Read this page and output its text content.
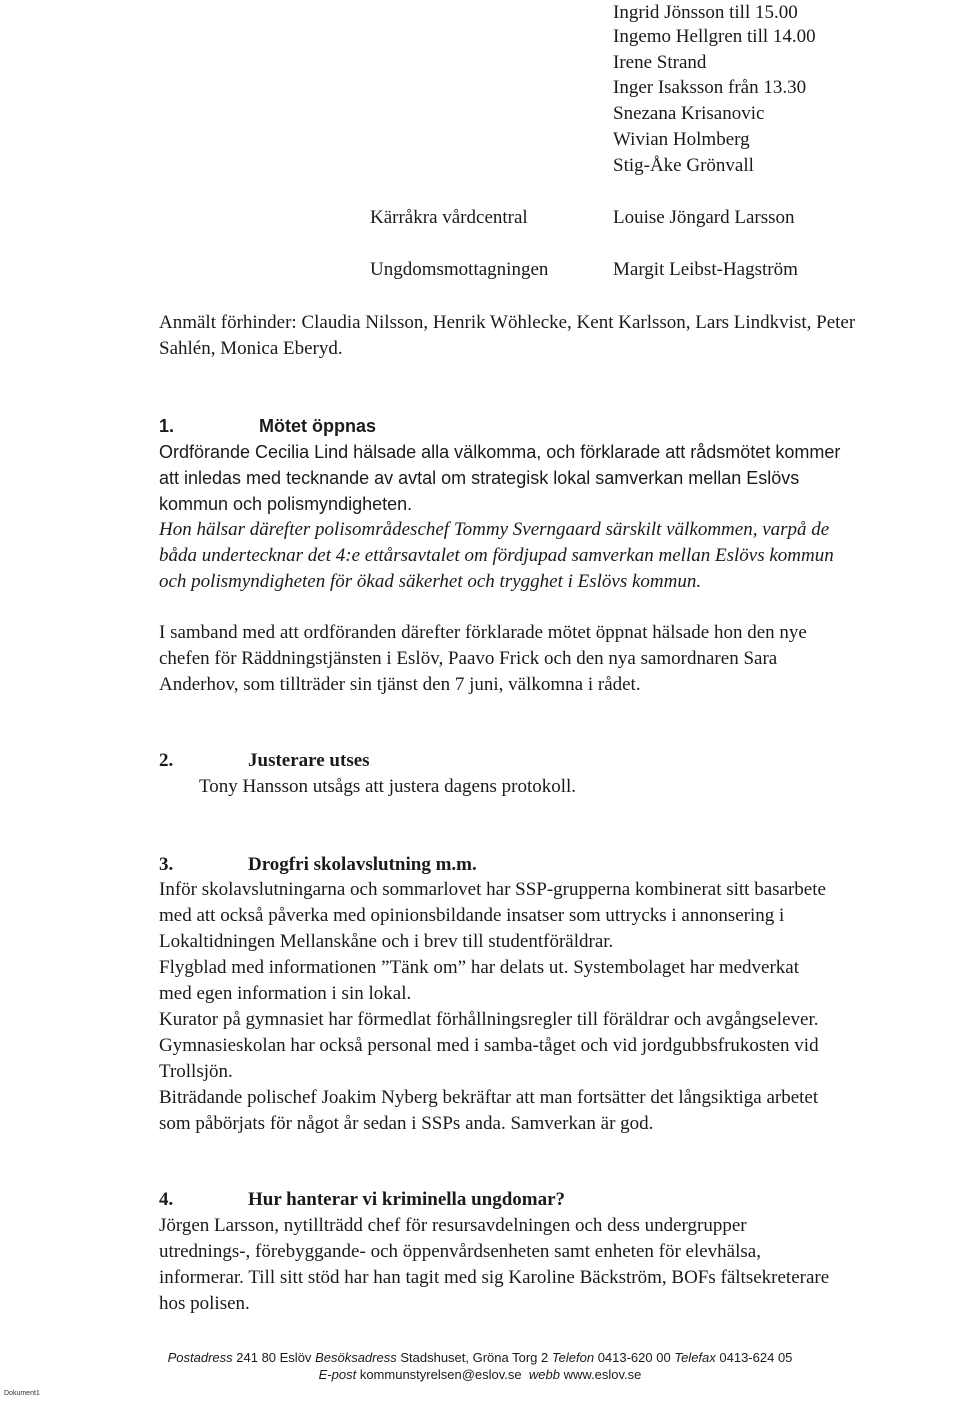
Ingrid Jönsson till 15.00
Ingemo Hellgren till 14.00
Irene Strand
Inger Isaksson från 13.30
Snezana Krisanovic
Wivian Holmberg
Stig-Åke Grönvall
Kärråkra vårdcentral	Louise Jöngard Larsson
Ungdomsmottagningen	Margit Leibst-Hagström
Anmält förhinder: Claudia Nilsson, Henrik Wöhlecke, Kent Karlsson, Lars Lindkvist, Peter
Sahlén, Monica Eberyd.
1.	Mötet öppnas
Ordförande Cecilia Lind hälsade alla välkomma, och förklarade att rådsmötet kommer
att inledas med tecknande av avtal om strategisk lokal samverkan mellan Eslövs
kommun och polismyndigheten.
Hon hälsar därefter polisområdeschef Tommy Sverngaard särskilt välkommen, varpå de
båda undertecknar det 4:e ettårsavtalet om fördjupad samverkan mellan Eslövs kommun
och polismyndigheten för ökad säkerhet och trygghet i Eslövs kommun.
I samband med att ordföranden därefter förklarade mötet öppnat hälsade hon den nye
chefen för Räddningstjänsten i Eslöv, Paavo Frick och den nya samordnaren Sara
Anderhov, som tillträder sin tjänst den 7 juni, välkomna i rådet.
2.	Justerare utses
Tony Hansson utsågs att justera dagens protokoll.
3.	Drogfri skolavslutning m.m.
Inför skolavslutningarna och sommarlovet har SSP-grupperna kombinerat sitt basarbete
med att också påverka med opinionsbildande insatser som uttrycks i annonsering i
Lokaltidningen Mellanskåne och i brev till studentföräldrar.
Flygblad med informationen ”Tänk om” har delats ut. Systembolaget har medverkat
med egen information i sin lokal.
Kurator på gymnasiet har förmedlat förhållningsregler till föräldrar och avgångselever.
Gymnasieskolan har också personal med i samba-tåget och vid jordgubbsfrukosten vid
Trollsjön.
Biträdande polischef Joakim Nyberg bekräftar att man fortsätter det långsiktiga arbetet
som påbörjats för något år sedan i SSPs anda. Samverkan är god.
4.	Hur hanterar vi kriminella ungdomar?
Jörgen Larsson, nytillträdd chef för resursavdelningen och dess undergrupper
utrednings-, förebyggande- och öppenvårdsenheten samt enheten för elevhälsa,
informerar. Till sitt stöd har han tagit med sig Karoline Bäckström, BOFs fältsekreterare
hos polisen.
Postadress 241 80 Eslöv Besöksadress Stadshuset, Gröna Torg 2 Telefon 0413-620 00 Telefax 0413-624 05
E-post kommunstyrelsen@eslov.se webb www.eslov.se
Dokument1
